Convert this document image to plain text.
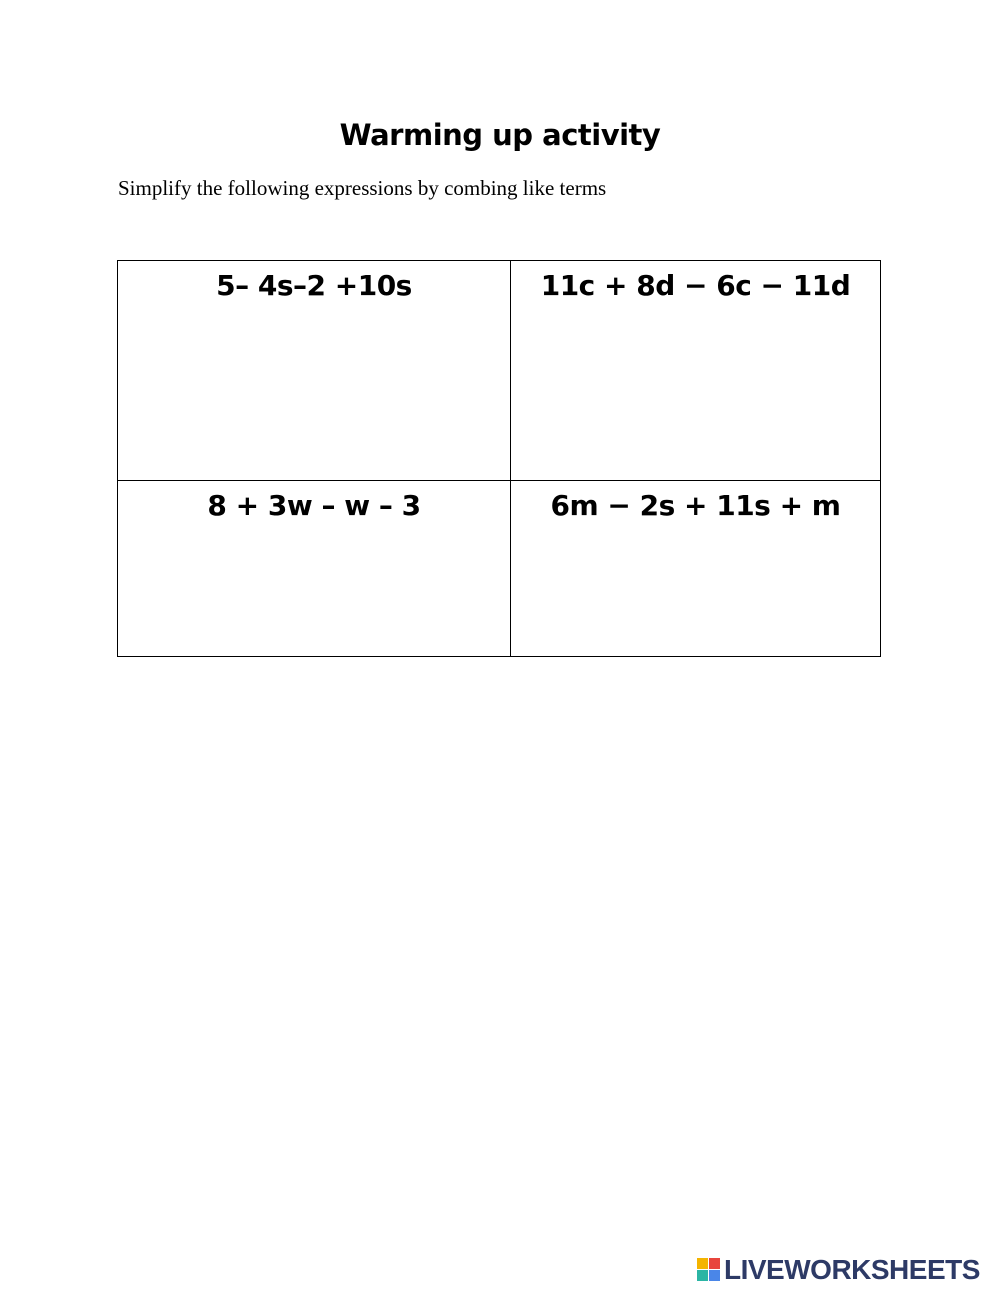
Warming up activity
Simplify the following expressions by combing like terms
5– 4s–2 +10s	11c + 8d − 6c − 11d

8 + 3w – w – 3	6m − 2s + 11s + m
LIVEWORKSHEETS
